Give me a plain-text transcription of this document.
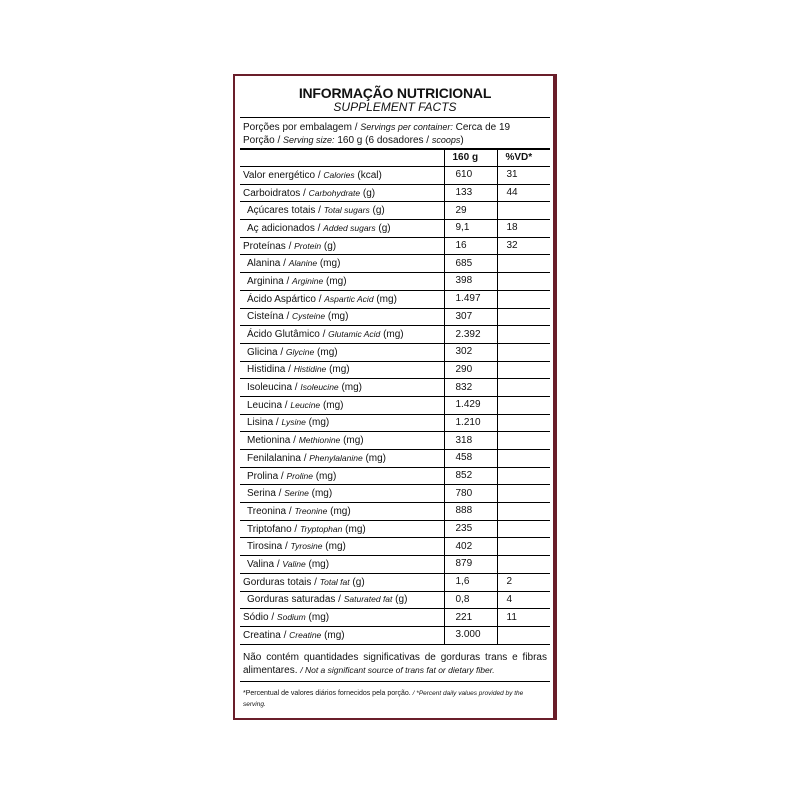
INFORMAÇÃO NUTRICIONAL
SUPPLEMENT FACTS
Porções por embalagem / Servings per container: Cerca de 19
Porção / Serving size: 160 g (6 dosadores / scoops)
	160 g	%VD*
Valor energético / Calories (kcal)	610	31
Carboidratos / Carbohydrate (g)	133	44
Açúcares totais / Total sugars (g)	29	
Aç adicionados / Added sugars (g)	9,1	18
Proteínas / Protein (g)	16	32
Alanina / Alanine (mg)	685	
Arginina / Arginine (mg)	398	
Ácido Aspártico / Aspartic Acid (mg)	1.497	
Cisteína / Cysteine (mg)	307	
Ácido Glutâmico / Glutamic Acid (mg)	2.392	
Glicina / Glycine (mg)	302	
Histidina / Histidine (mg)	290	
Isoleucina / Isoleucine (mg)	832	
Leucina / Leucine (mg)	1.429	
Lisina / Lysine (mg)	1.210	
Metionina / Methionine (mg)	318	
Fenilalanina / Phenylalanine (mg)	458	
Prolina / Proline (mg)	852	
Serina / Serine (mg)	780	
Treonina / Treonine (mg)	888	
Triptofano / Tryptophan (mg)	235	
Tirosina / Tyrosine (mg)	402	
Valina / Valine (mg)	879	
Gorduras totais / Total fat (g)	1,6	2
Gorduras saturadas / Saturated fat (g)	0,8	4
Sódio / Sodium (mg)	221	11
Creatina / Creatine (mg)	3.000	
Não contém quantidades significativas de gorduras trans e fibras alimentares. / Not a significant source of trans fat or dietary fiber.
*Percentual de valores diários fornecidos pela porção. / *Percent daily values provided by the serving.
